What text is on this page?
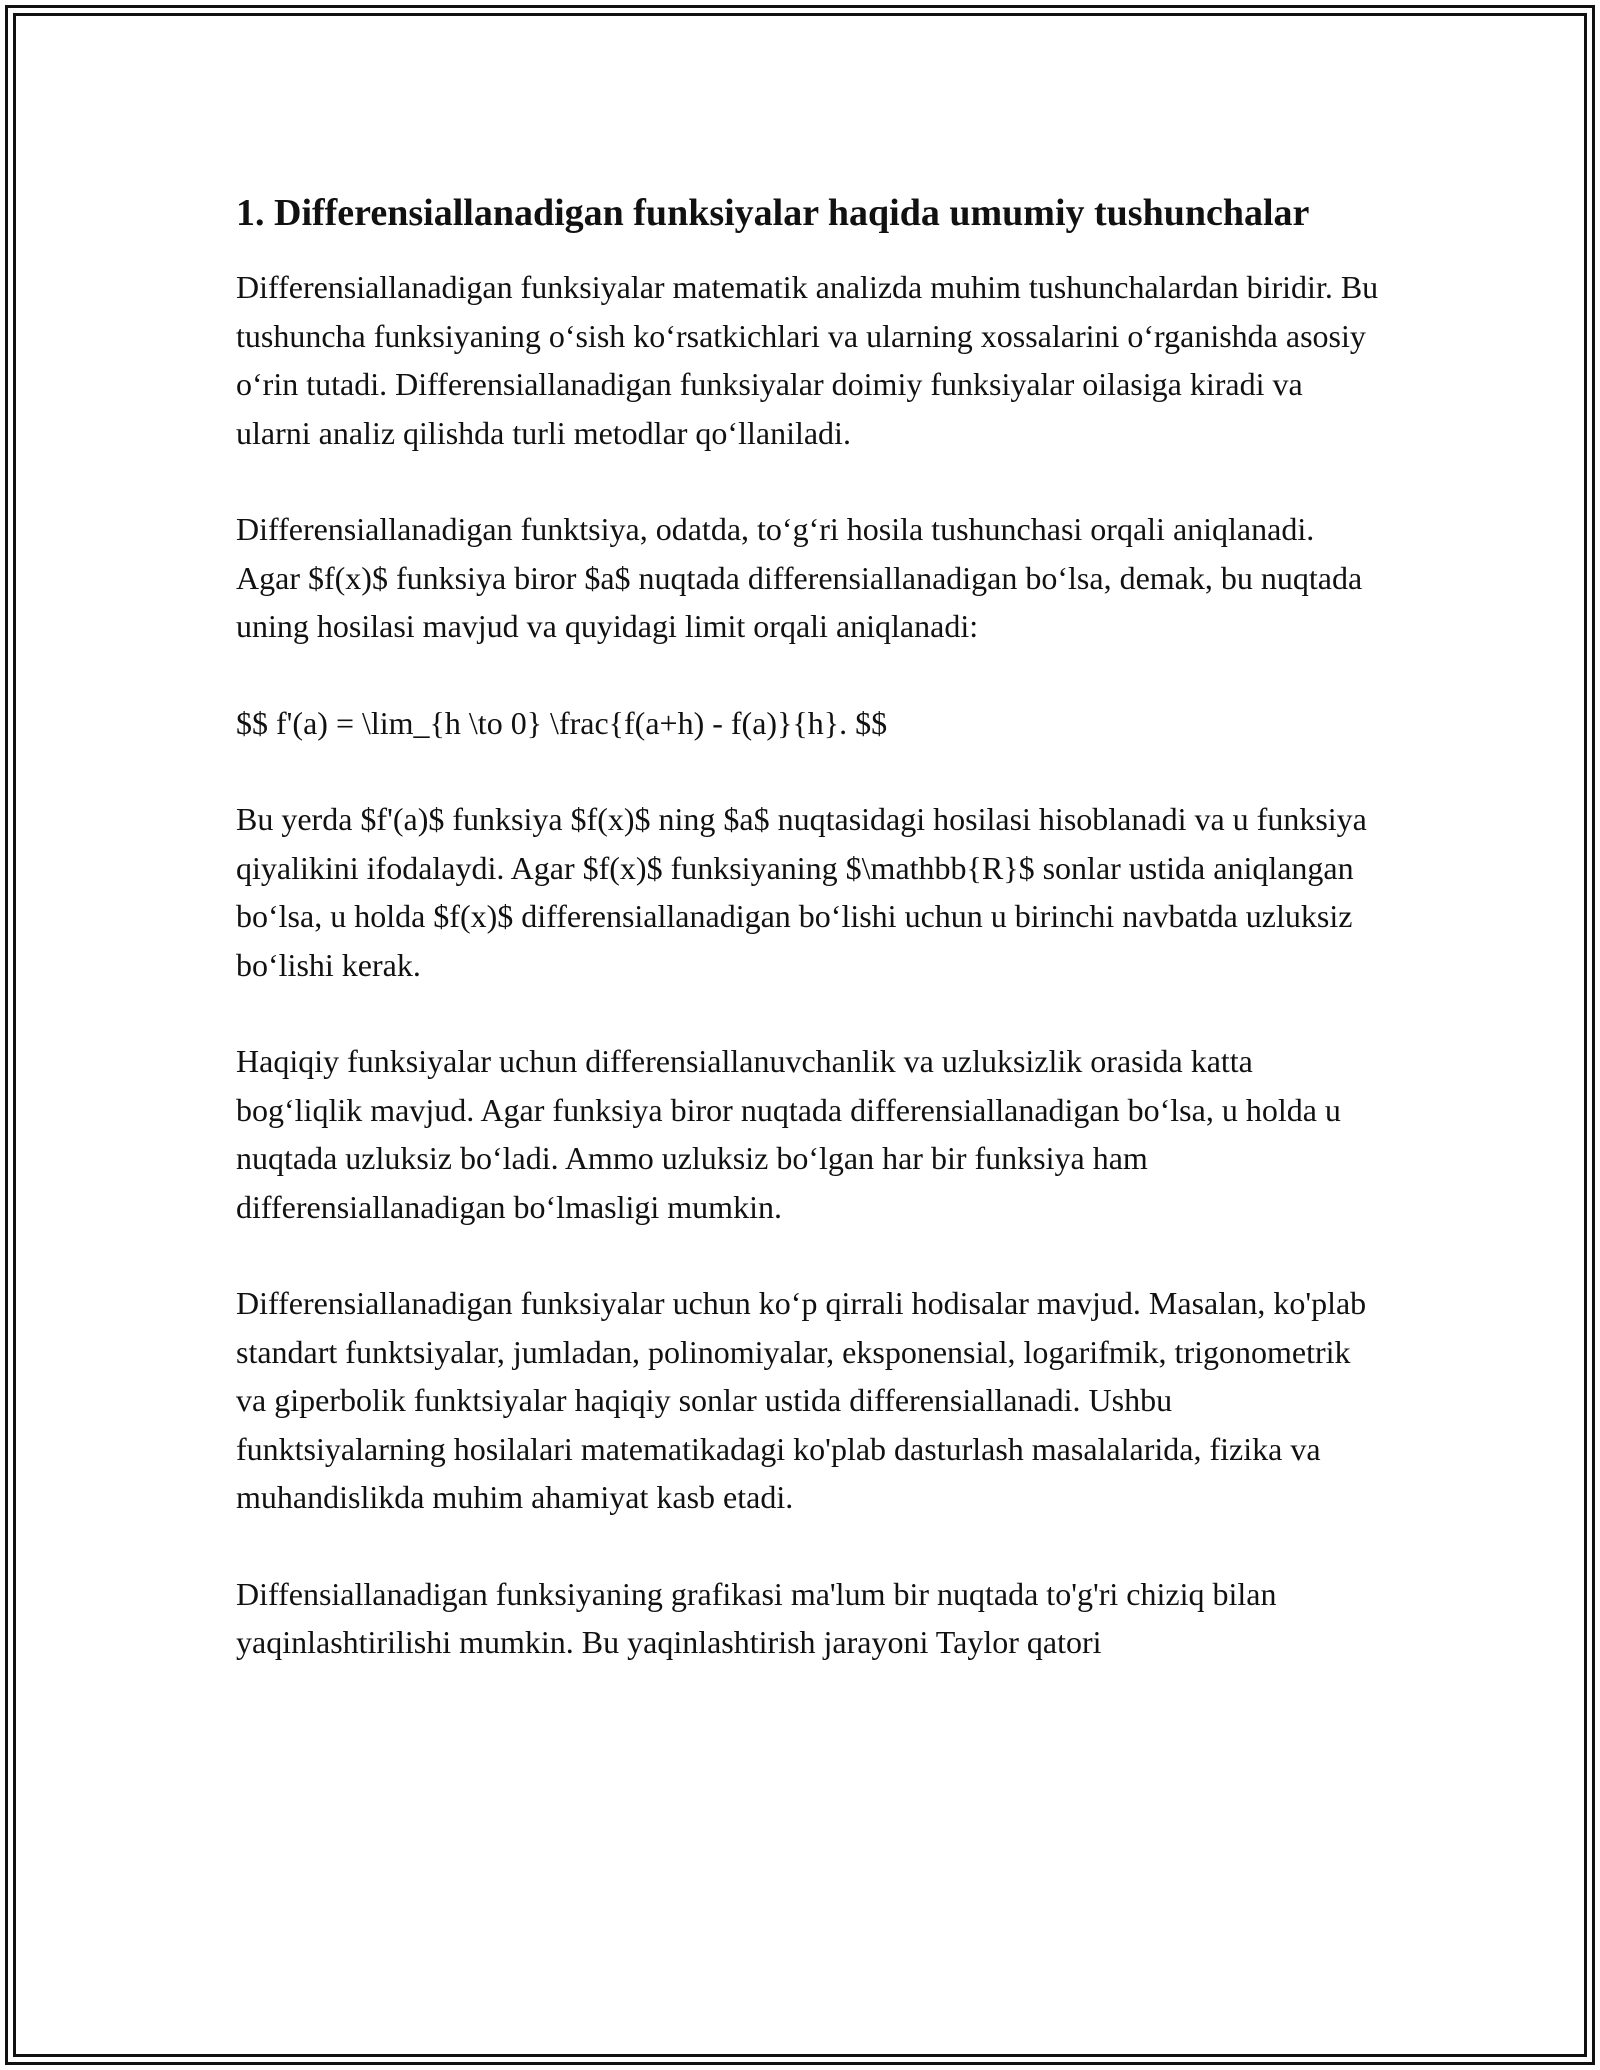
1. Differensiallanadigan funksiyalar haqida umumiy tushunchalar

Differensiallanadigan funksiyalar matematik analizda muhim tushunchalardan biridir. Bu tushuncha funksiyaning o‘sish ko‘rsatkichlari va ularning xossalarini o‘rganishda asosiy o‘rin tutadi. Differensiallanadigan funksiyalar doimiy funksiyalar oilasiga kiradi va ularni analiz qilishda turli metodlar qo‘llaniladi.

Differensiallanadigan funktsiya, odatda, to‘g‘ri hosila tushunchasi orqali aniqlanadi. Agar $f(x)$ funksiya biror $a$ nuqtada differensiallanadigan bo‘lsa, demak, bu nuqtada uning hosilasi mavjud va quyidagi limit orqali aniqlanadi:

$$ f'(a) = \lim_{h \to 0} \frac{f(a+h) - f(a)}{h}. $$

Bu yerda $f'(a)$ funksiya $f(x)$ ning $a$ nuqtasidagi hosilasi hisoblanadi va u funksiya qiyalikini ifodalaydi. Agar $f(x)$ funksiyaning $\mathbb{R}$ sonlar ustida aniqlangan bo‘lsa, u holda $f(x)$ differensiallanadigan bo‘lishi uchun u birinchi navbatda uzluksiz bo‘lishi kerak.

Haqiqiy funksiyalar uchun differensiallanuvchanlik va uzluksizlik orasida katta bog‘liqlik mavjud. Agar funksiya biror nuqtada differensiallanadigan bo‘lsa, u holda u nuqtada uzluksiz bo‘ladi. Ammo uzluksiz bo‘lgan har bir funksiya ham differensiallanadigan bo‘lmasligi mumkin.

Differensiallanadigan funksiyalar uchun ko‘p qirrali hodisalar mavjud. Masalan, ko'plab standart funktsiyalar, jumladan, polinomiyalar, eksponensial, logarifmik, trigonometrik va giperbolik funktsiyalar haqiqiy sonlar ustida differensiallanadi. Ushbu funktsiyalarning hosilalari matematikadagi ko'plab dasturlash masalalarida, fizika va muhandislikda muhim ahamiyat kasb etadi.

Diffensiallanadigan funksiyaning grafikasi ma'lum bir nuqtada to'g'ri chiziq bilan yaqinlashtirilishi mumkin. Bu yaqinlashtirish jarayoni Taylor qatori
